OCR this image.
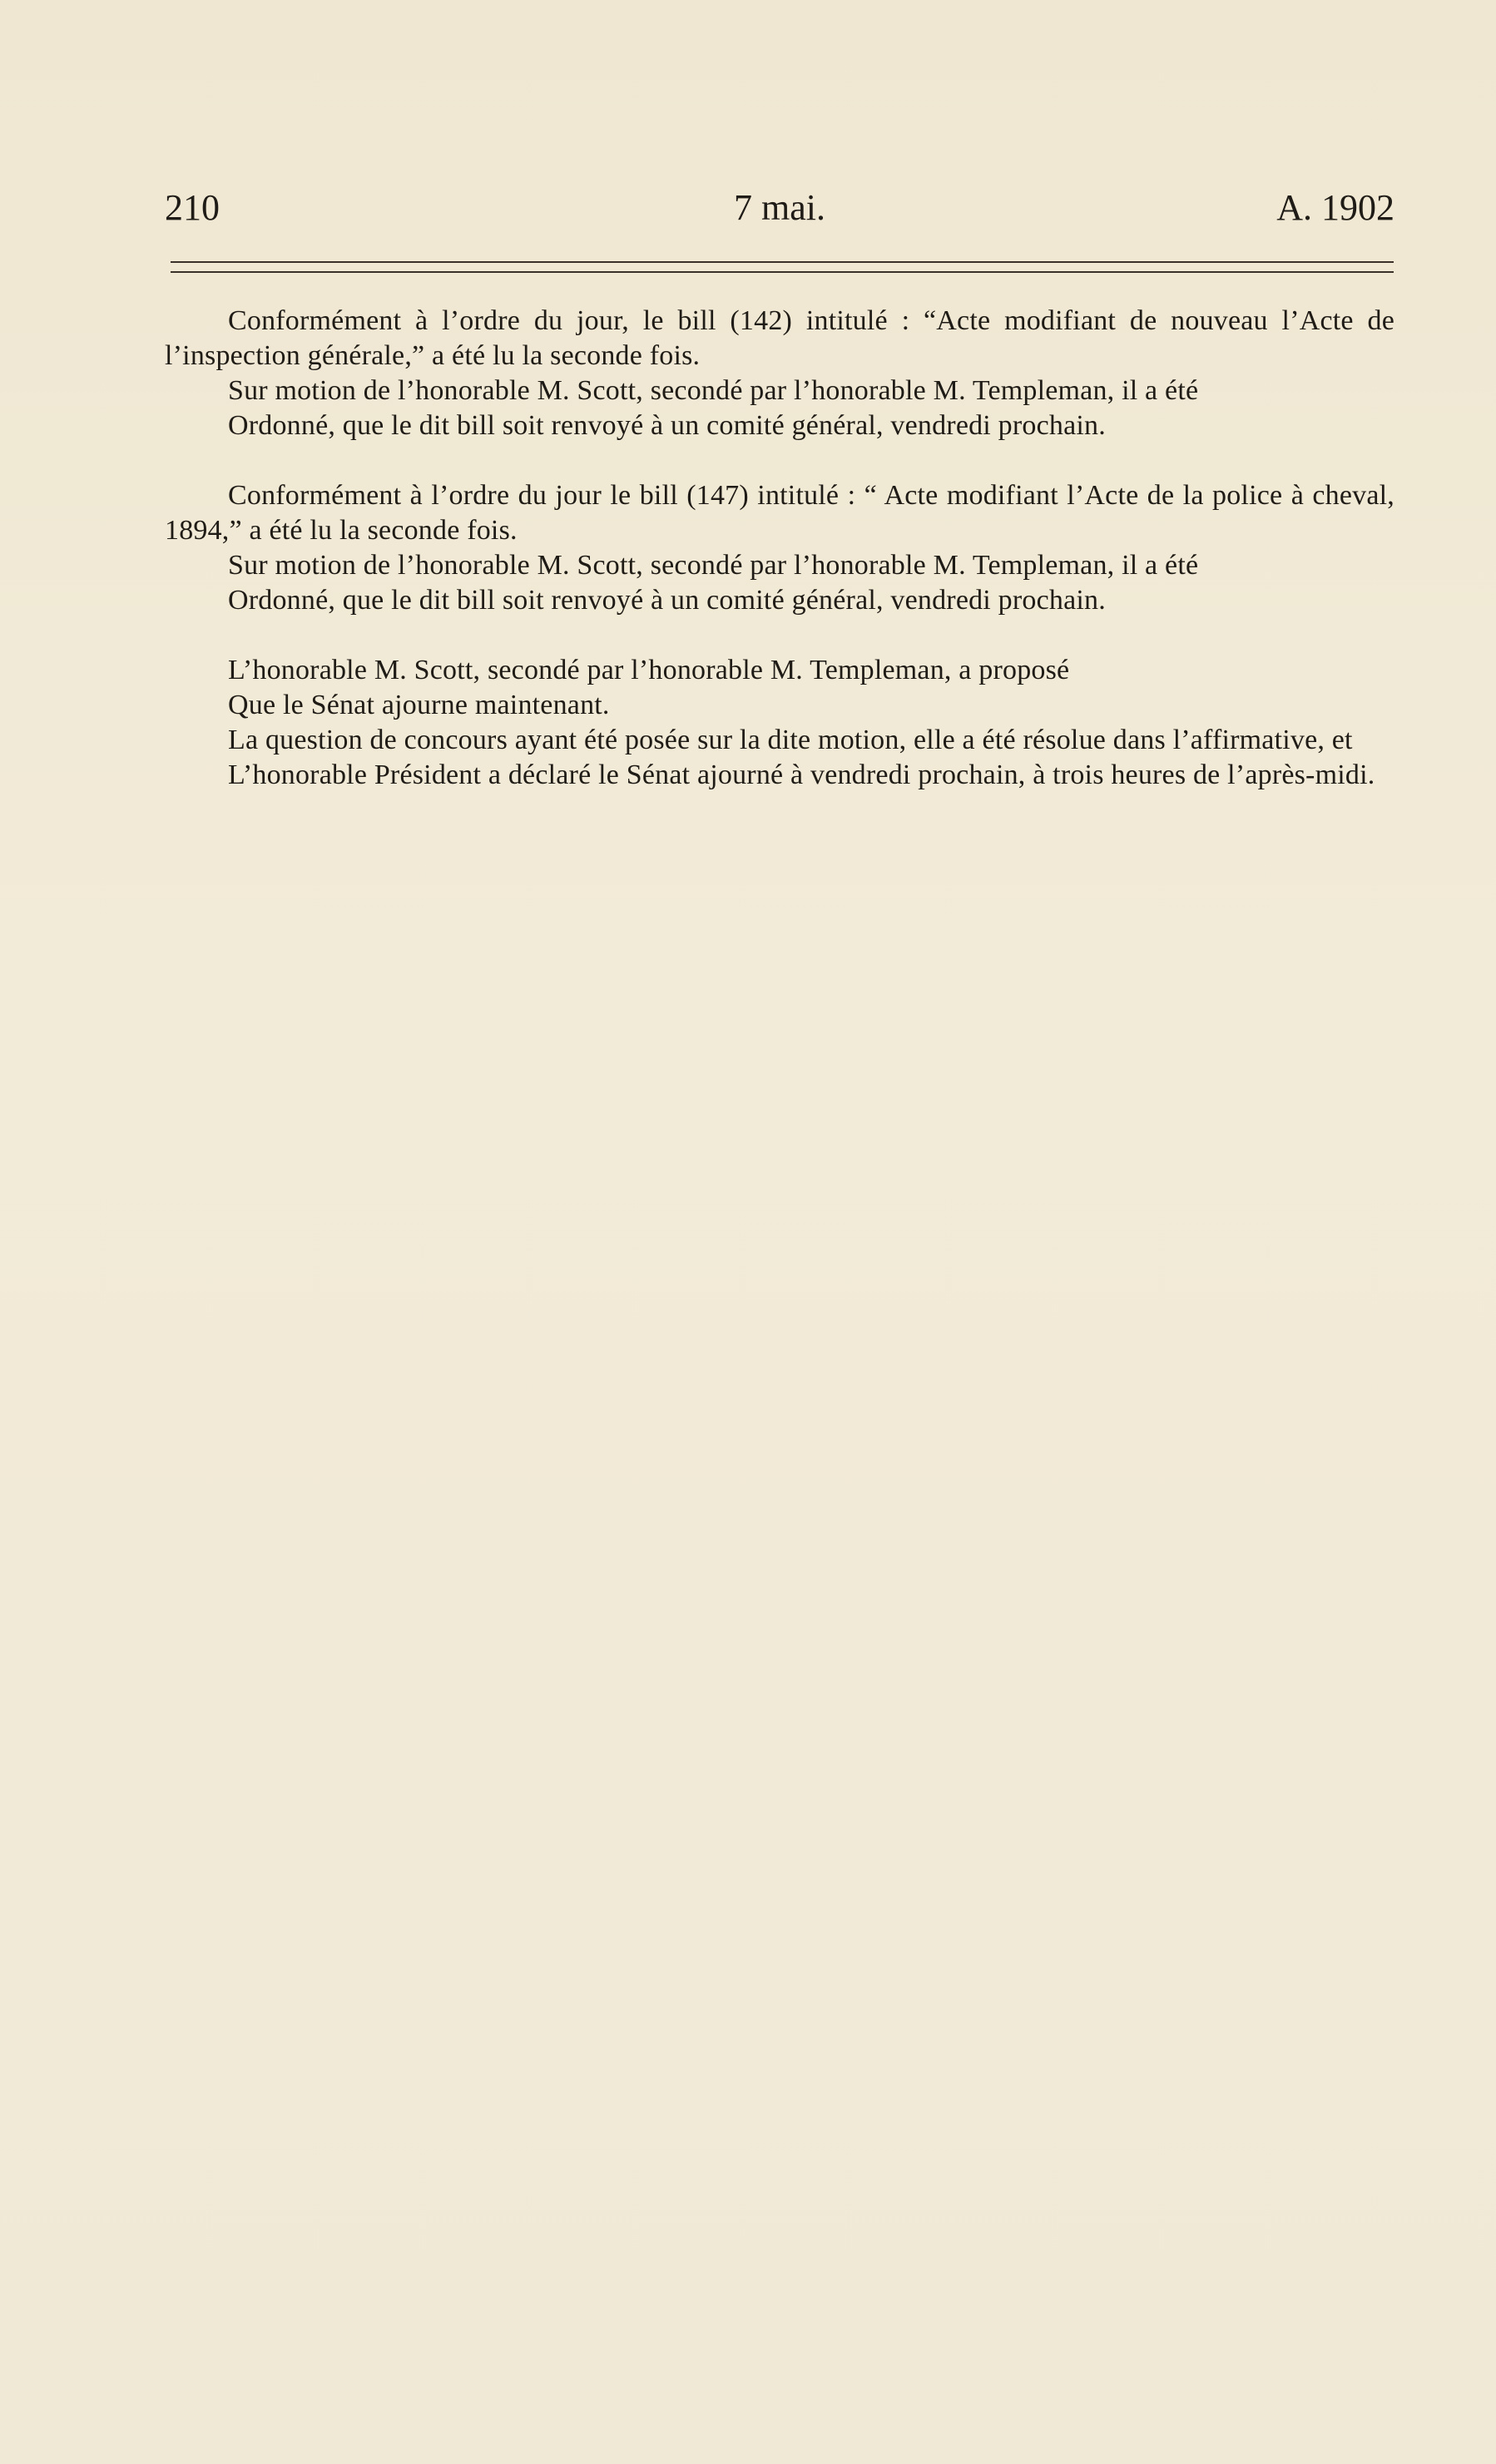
210	7 mai.	A. 1902

Conformément à l’ordre du jour, le bill (142) intitulé : “Acte modifiant de nouveau l’Acte de l’inspection générale,” a été lu la seconde fois.

Sur motion de l’honorable M. Scott, secondé par l’honorable M. Templeman, il a été

Ordonné, que le dit bill soit renvoyé à un comité général, vendredi prochain.

Conformément à l’ordre du jour le bill (147) intitulé : “ Acte modifiant l’Acte de la police à cheval, 1894,” a été lu la seconde fois.

Sur motion de l’honorable M. Scott, secondé par l’honorable M. Templeman, il a été

Ordonné, que le dit bill soit renvoyé à un comité général, vendredi prochain.

L’honorable M. Scott, secondé par l’honorable M. Templeman, a proposé

Que le Sénat ajourne maintenant.

La question de concours ayant été posée sur la dite motion, elle a été résolue dans l’affirmative, et

L’honorable Président a déclaré le Sénat ajourné à vendredi prochain, à trois heures de l’après-midi.
